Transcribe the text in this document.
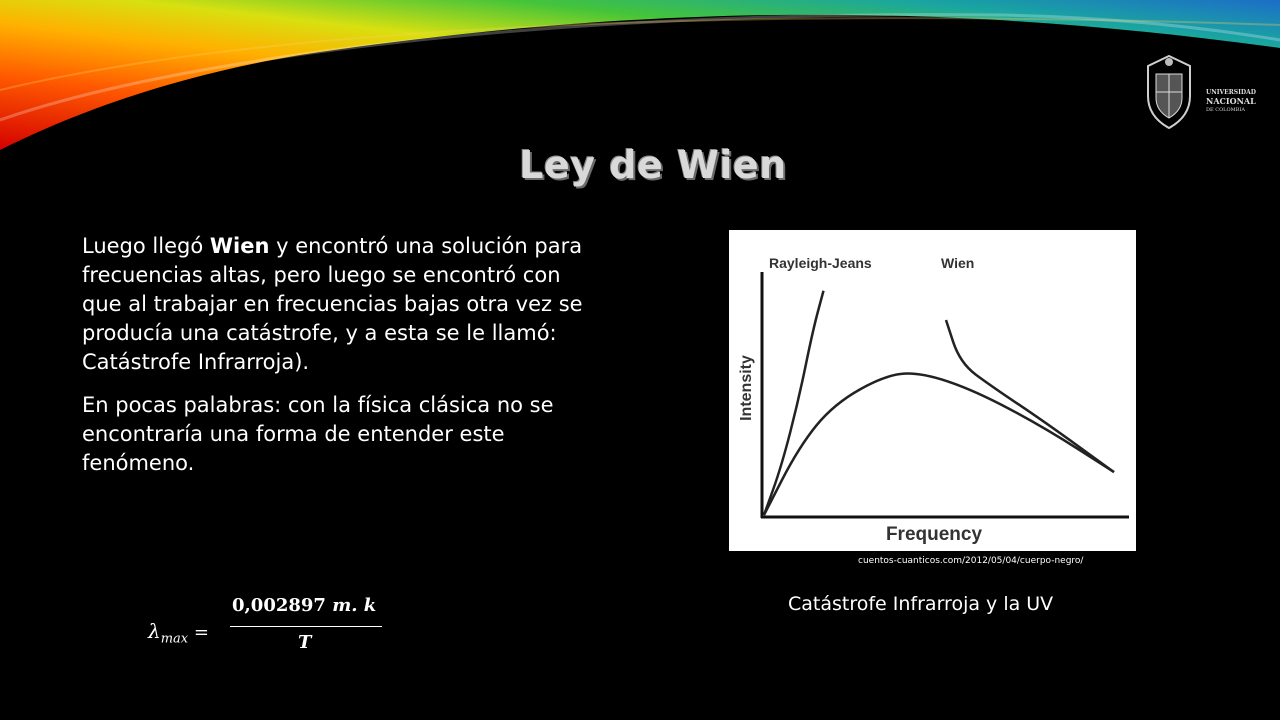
UNIVERSIDAD
NACIONAL
DE COLOMBIA
Ley de Wien

Luego llegó Wien y encontró una solución para frecuencias altas, pero luego se encontró con que al trabajar en frecuencias bajas otra vez se producía una catástrofe, y a esta se le llamó: Catástrofe Infrarroja).

En pocas palabras: con la física clásica no se encontraría una forma de entender este fenómeno.

Frequency
Intensity
Rayleigh-Jeans	Wien
cuentos-cuanticos.com/2012/05/04/cuerpo-negro/
Catástrofe Infrarroja y la UV
$\lambda_{max}$ =
0,002897 m. k
T
